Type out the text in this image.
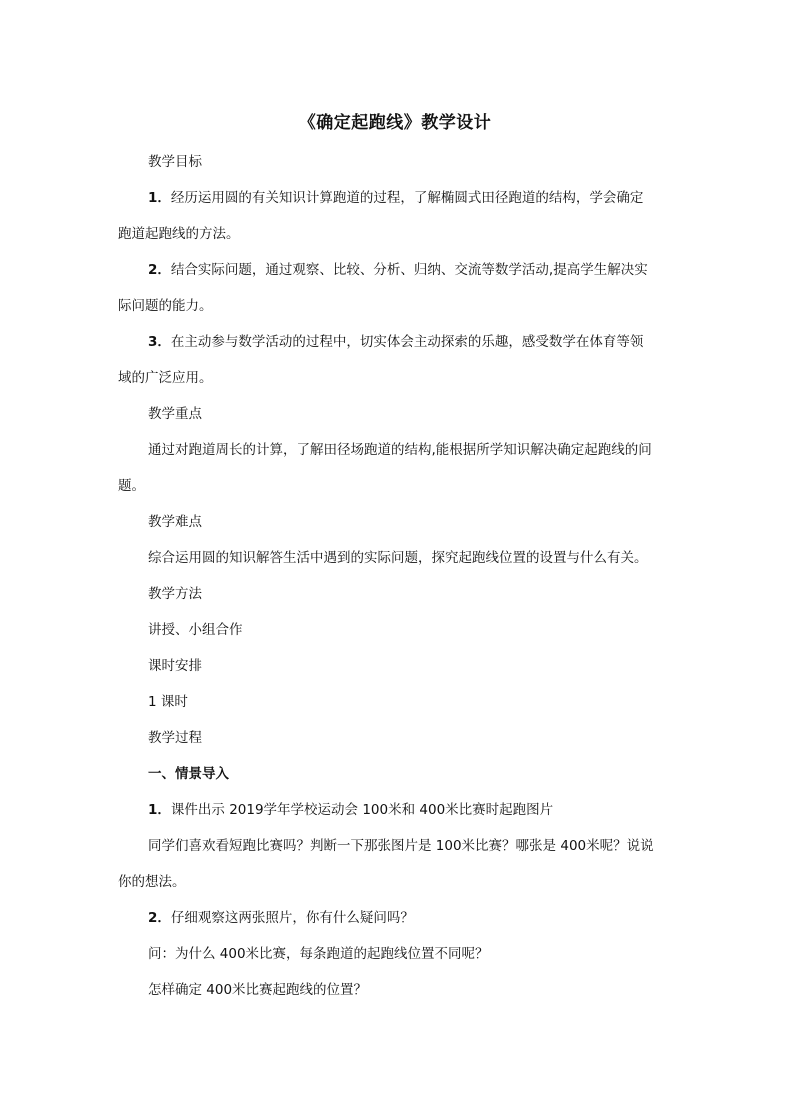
《确定起跑线》教学设计
教学目标
1．经历运用圆的有关知识计算跑道的过程，了解椭圆式田径跑道的结构，学会确定
跑道起跑线的方法。
2．结合实际问题，通过观察、比较、分析、归纳、交流等数学活动,提高学生解决实
际问题的能力。
3．在主动参与数学活动的过程中，切实体会主动探索的乐趣，感受数学在体育等领
域的广泛应用。
教学重点
通过对跑道周长的计算，了解田径场跑道的结构,能根据所学知识解决确定起跑线的问
题。
教学难点
综合运用圆的知识解答生活中遇到的实际问题，探究起跑线位置的设置与什么有关。
教学方法
讲授、小组合作
课时安排
1 课时
教学过程
一、情景导入
1．课件出示 2019学年学校运动会 100米和 400米比赛时起跑图片
同学们喜欢看短跑比赛吗？判断一下那张图片是 100米比赛？哪张是 400米呢？说说
你的想法。
2．仔细观察这两张照片，你有什么疑问吗？
问：为什么 400米比赛，每条跑道的起跑线位置不同呢？
怎样确定 400米比赛起跑线的位置？
